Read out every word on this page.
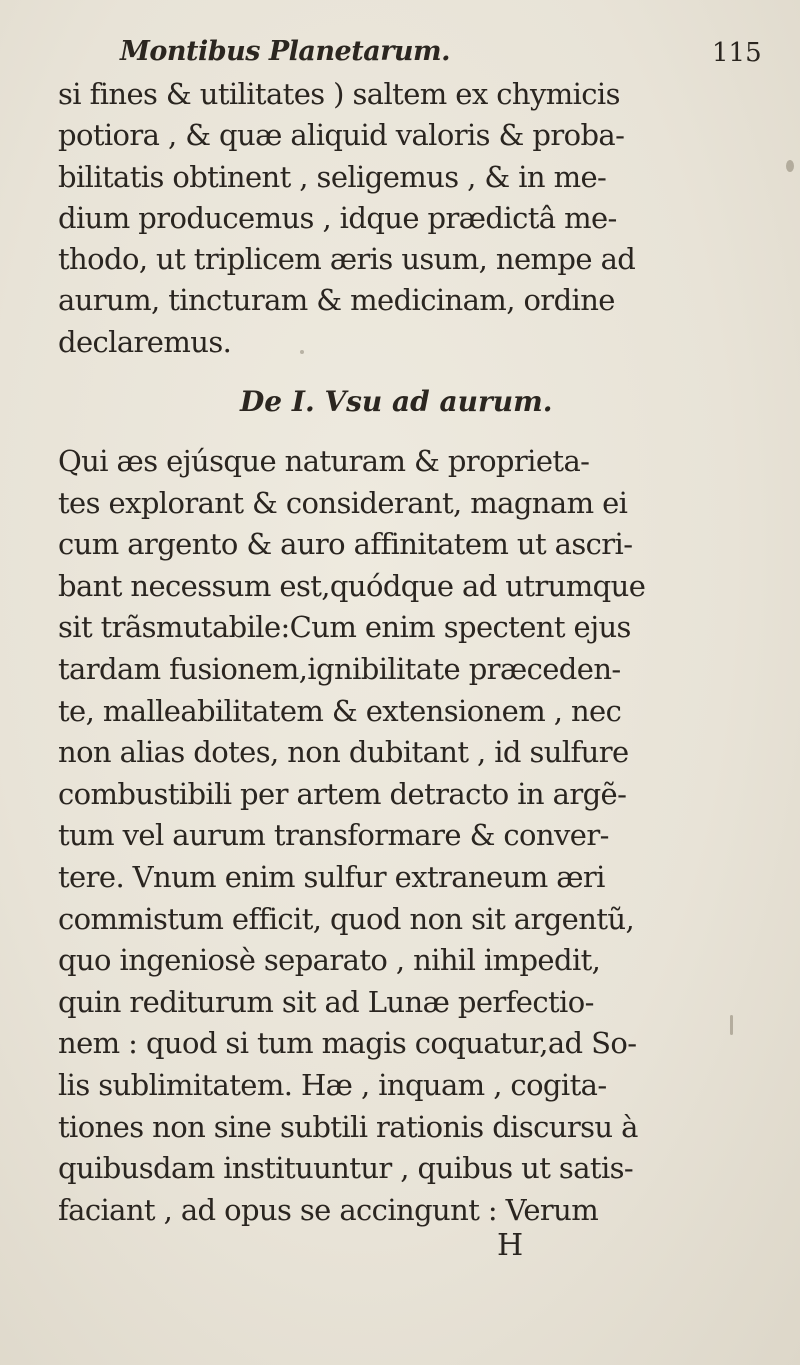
Montibus Planetarum.	115
si fines & utilitates ) saltem ex chymicis
potiora , & quæ aliquid valoris & proba-
bilitatis obtinent , seligemus , & in me-
dium producemus , idque prædictâ me-
thodo, ut triplicem æris usum, nempe ad
aurum, tincturam & medicinam, ordine
declaremus.
De I. Vsu ad aurum.
Qui æs ejúsque naturam & proprieta-
tes explorant & considerant, magnam ei
cum argento & auro affinitatem ut ascri-
bant necessum est,quódque ad utrumque
sit trãsmutabile:Cum enim spectent ejus
tardam fusionem,ignibilitate præceden-
te, malleabilitatem & extensionem , nec
non alias dotes, non dubitant , id sulfure
combustibili per artem detracto in argẽ-
tum vel aurum transformare & conver-
tere. Vnum enim sulfur extraneum æri
commistum efficit, quod non sit argentũ,
quo ingeniosè separato , nihil impedit,
quin rediturum sit ad Lunæ perfectio-
nem : quod si tum magis coquatur,ad So-
lis sublimitatem. Hæ , inquam , cogita-
tiones non sine subtili rationis discursu à
quibusdam instituuntur , quibus ut satis-
faciant , ad opus se accingunt : Verum
H
